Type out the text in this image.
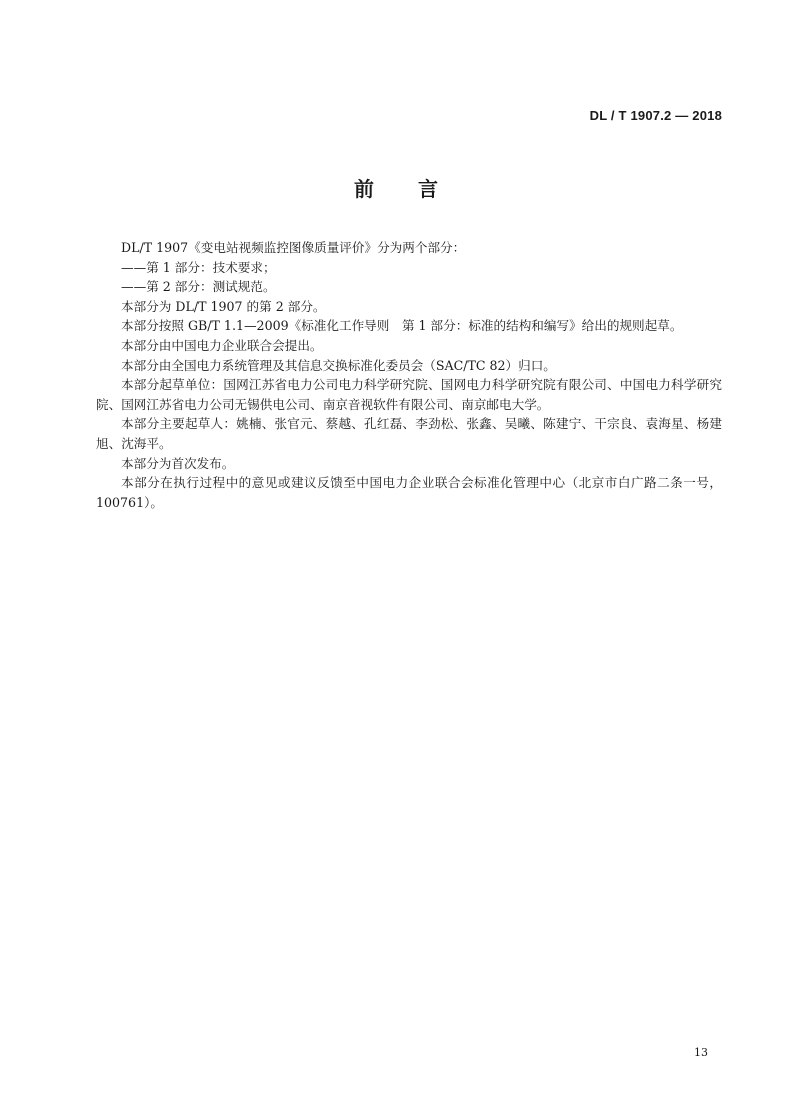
DL / T 1907.2 — 2018
前言

DL/T 1907《变电站视频监控图像质量评价》分为两个部分：

——第 1 部分：技术要求；

——第 2 部分：测试规范。

本部分为 DL/T 1907 的第 2 部分。

本部分按照 GB/T 1.1—2009《标准化工作导则　第 1 部分：标准的结构和编写》给出的规则起草。

本部分由中国电力企业联合会提出。

本部分由全国电力系统管理及其信息交换标准化委员会（SAC/TC 82）归口。

本部分起草单位：国网江苏省电力公司电力科学研究院、国网电力科学研究院有限公司、中国电力科学研究院、国网江苏省电力公司无锡供电公司、南京音视软件有限公司、南京邮电大学。

本部分主要起草人：姚楠、张官元、蔡越、孔红磊、李劲松、张鑫、吴曦、陈建宁、干宗良、袁海星、杨建旭、沈海平。

本部分为首次发布。

本部分在执行过程中的意见或建议反馈至中国电力企业联合会标准化管理中心（北京市白广路二条一号，100761）。

13
